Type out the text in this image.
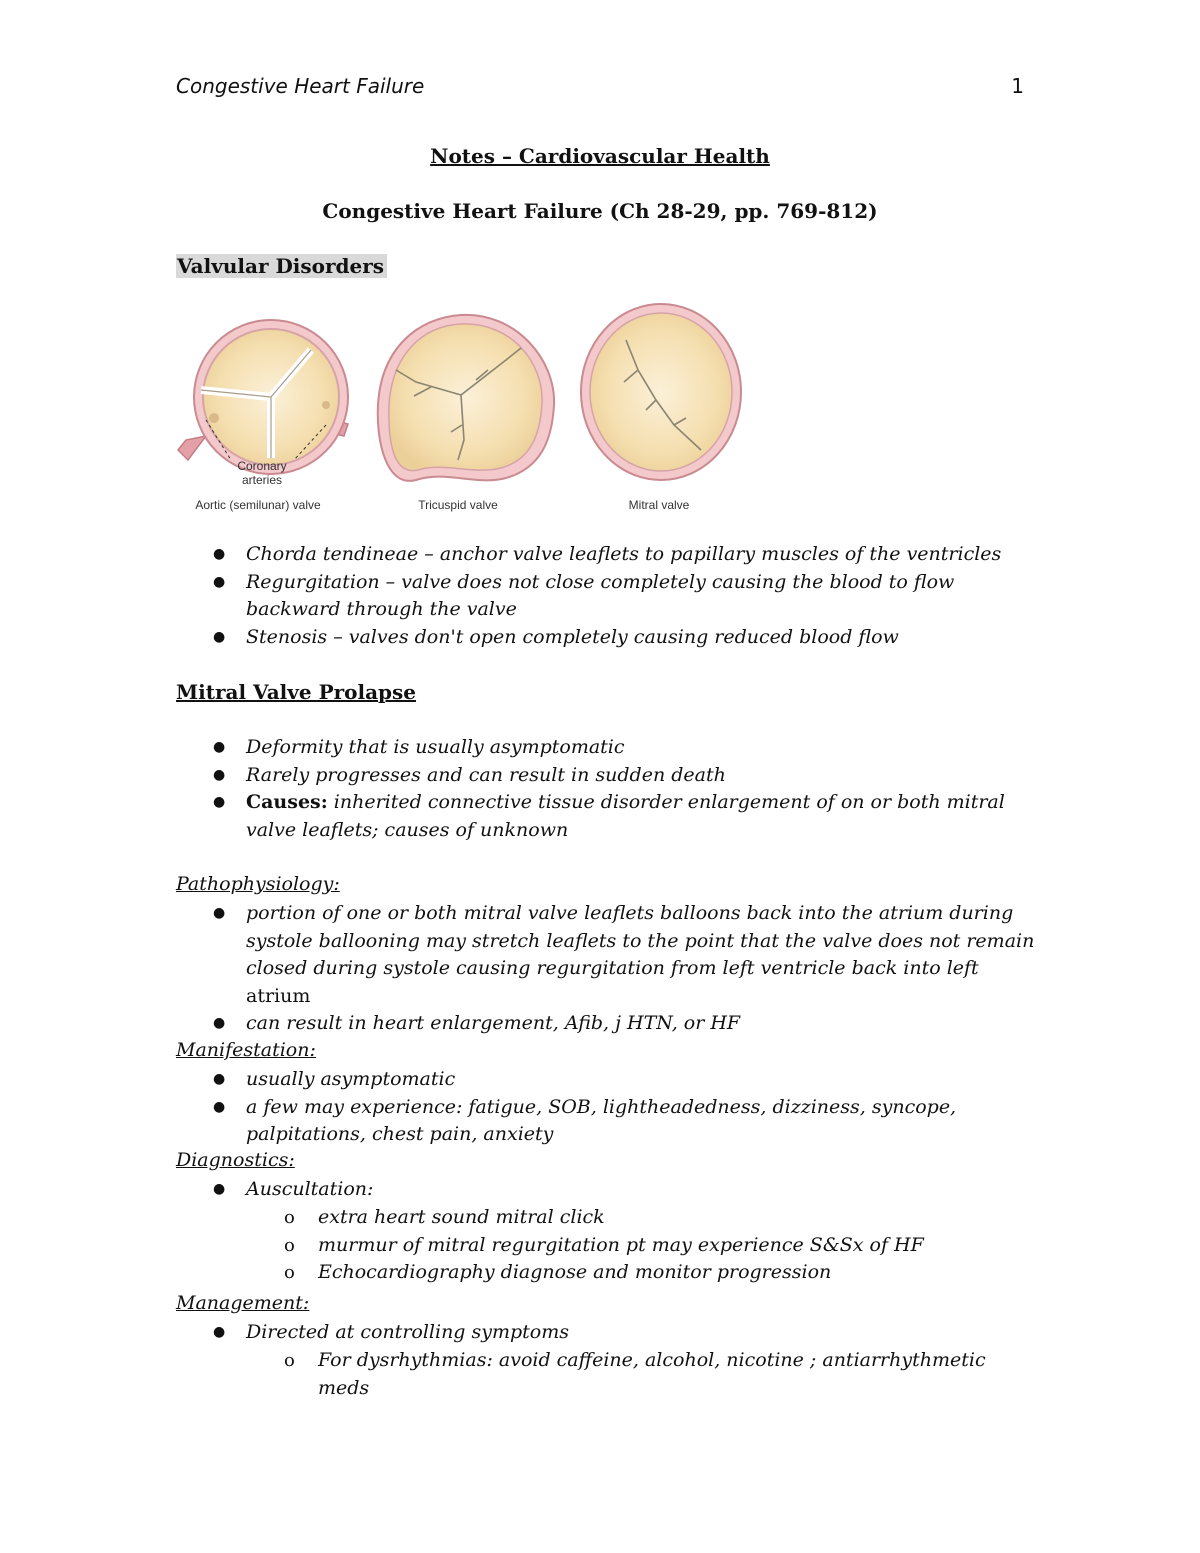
Congestive Heart Failure	1
Notes – Cardiovascular Health
Congestive Heart Failure (Ch 28-29, pp. 769-812)
Valvular Disorders
Coronary
arteries
Aortic (semilunar) valve	Tricuspid valve	Mitral valve
● Chorda tendineae – anchor valve leaflets to papillary muscles of the ventricles
● Regurgitation – valve does not close completely causing the blood to flow backward through the valve
● Stenosis – valves don't open completely causing reduced blood flow
Mitral Valve Prolapse
● Deformity that is usually asymptomatic
● Rarely progresses and can result in sudden death
● Causes: inherited connective tissue disorder enlargement of on or both mitral valve leaflets; causes of unknown
Pathophysiology:
● portion of one or both mitral valve leaflets balloons back into the atrium during systole ballooning may stretch leaflets to the point that the valve does not remain closed during systole causing regurgitation from left ventricle back into left atrium
● can result in heart enlargement, Afib, j HTN, or HF
Manifestation:
● usually asymptomatic
● a few may experience: fatigue, SOB, lightheadedness, dizziness, syncope, palpitations, chest pain, anxiety
Diagnostics:
● Auscultation:
o extra heart sound mitral click
o murmur of mitral regurgitation pt may experience S&Sx of HF
o Echocardiography diagnose and monitor progression
Management:
● Directed at controlling symptoms
o For dysrhythmias: avoid caffeine, alcohol, nicotine ; antiarrhythmetic meds
